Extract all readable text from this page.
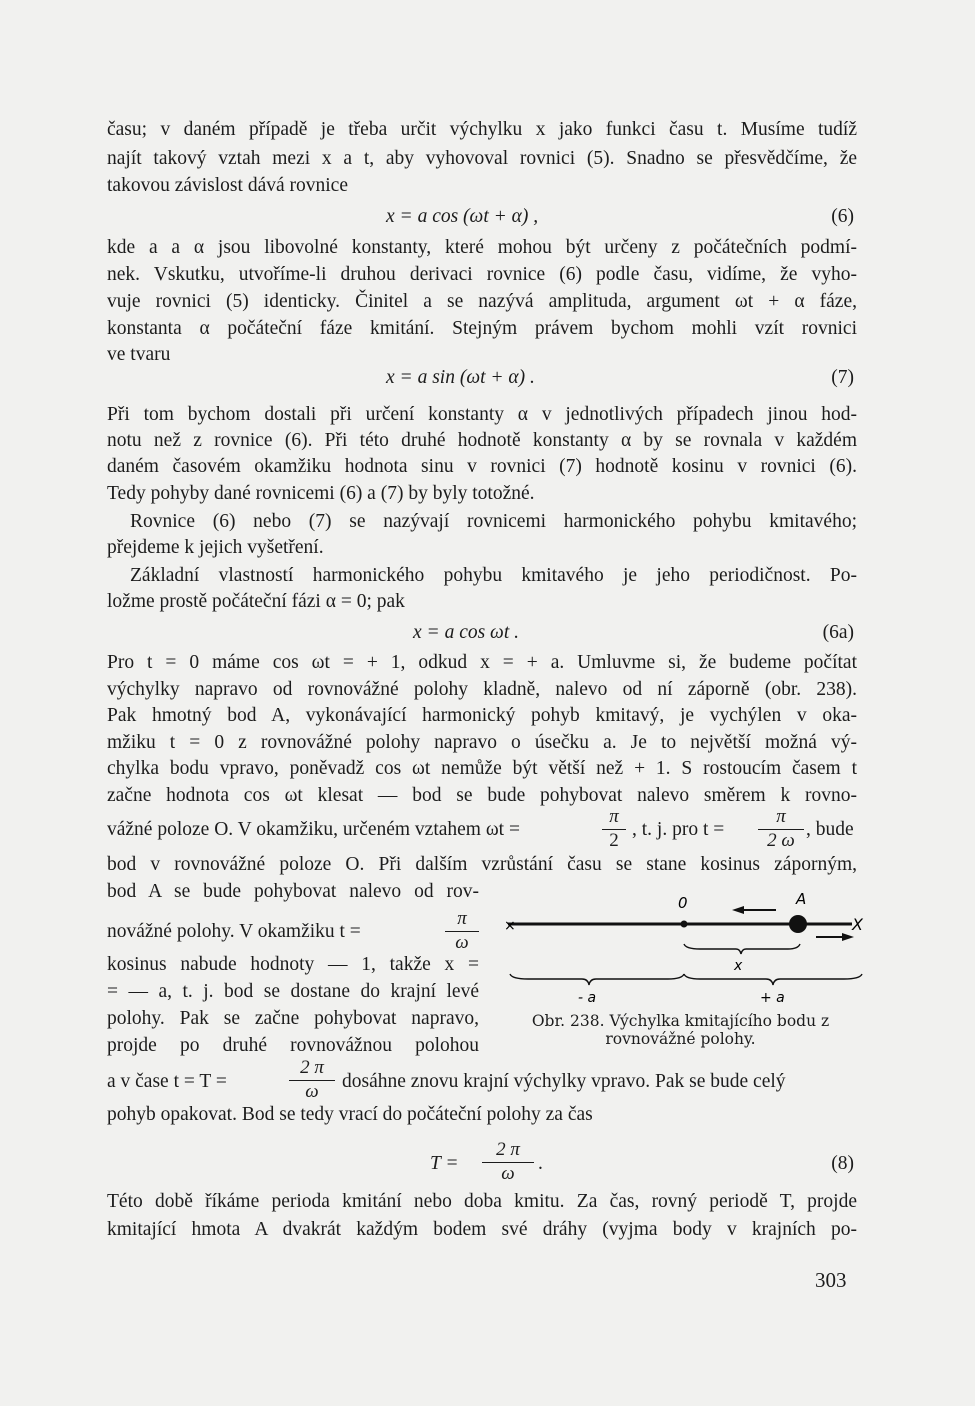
času; v daném případě je třeba určit výchylku x jako funkci času t. Musíme tudíž
najít takový vztah mezi x a t, aby vyhovoval rovnici (5). Snadno se přesvědčíme, že
takovou závislost dává rovnice
x = a cos (ωt + α) ,	(6)
kde a a α jsou libovolné konstanty, které mohou být určeny z počátečních podmí-
nek. Vskutku, utvoříme-li druhou derivaci rovnice (6) podle času, vidíme, že vyho-
vuje rovnici (5) identicky. Činitel a se nazývá amplituda, argument ωt + α fáze,
konstanta α počáteční fáze kmitání. Stejným právem bychom mohli vzít rovnici
ve tvaru
x = a sin (ωt + α) .	(7)
Při tom bychom dostali při určení konstanty α v jednotlivých případech jinou hod-
notu než z rovnice (6). Při této druhé hodnotě konstanty α by se rovnala v každém
daném časovém okamžiku hodnota sinu v rovnici (7) hodnotě kosinu v rovnici (6).
Tedy pohyby dané rovnicemi (6) a (7) by byly totožné.
Rovnice (6) nebo (7) se nazývají rovnicemi harmonického pohybu kmitavého;
přejdeme k jejich vyšetření.
Základní vlastností harmonického pohybu kmitavého je jeho periodičnost. Po-
ložme prostě počáteční fázi α = 0; pak
x = a cos ωt .	(6a)
Pro t = 0 máme cos ωt = + 1, odkud x = + a. Umluvme si, že budeme počítat
výchylky napravo od rovnovážné polohy kladně, nalevo od ní záporně (obr. 238).
Pak hmotný bod A, vykonávající harmonický pohyb kmitavý, je vychýlen v oka-
mžiku t = 0 z rovnovážné polohy napravo o úsečku a. Je to největší možná vý-
chylka bodu vpravo, poněvadž cos ωt nemůže být větší než + 1. S rostoucím časem t
začne hodnota cos ωt klesat — bod se bude pohybovat nalevo směrem k rovno-
vážné poloze O. V okamžiku, určeném vztahem ωt =
π
2
, t. j. pro t =
π
2 ω
, bude
bod v rovnovážné poloze O. Při dalším vzrůstání času se stane kosinus záporným,
bod A se bude pohybovat nalevo od rov-
novážné polohy. V okamžiku t =
π
ω
kosinus nabude hodnoty — 1, takže x =
= — a, t. j. bod se dostane do krajní levé
polohy. Pak se začne pohybovat napravo,
projde po druhé rovnovážnou polohou
a v čase t = T =
2 π
ω	dosáhne znovu krajní výchylky vpravo. Pak se bude celý
pohyb opakovat. Bod se tedy vrací do počáteční polohy za čas
T =
2 π
ω	.	(8)
Této době říkáme perioda kmitání nebo doba kmitu. Za čas, rovný periodě T, projde
kmitající hmota A dvakrát každým bodem své dráhy (vyjma body v krajních po-
×	X
0	A
x
- a	+ a
Obr. 238. Výchylka kmitajícího bodu z rovnovážné polohy.
303
